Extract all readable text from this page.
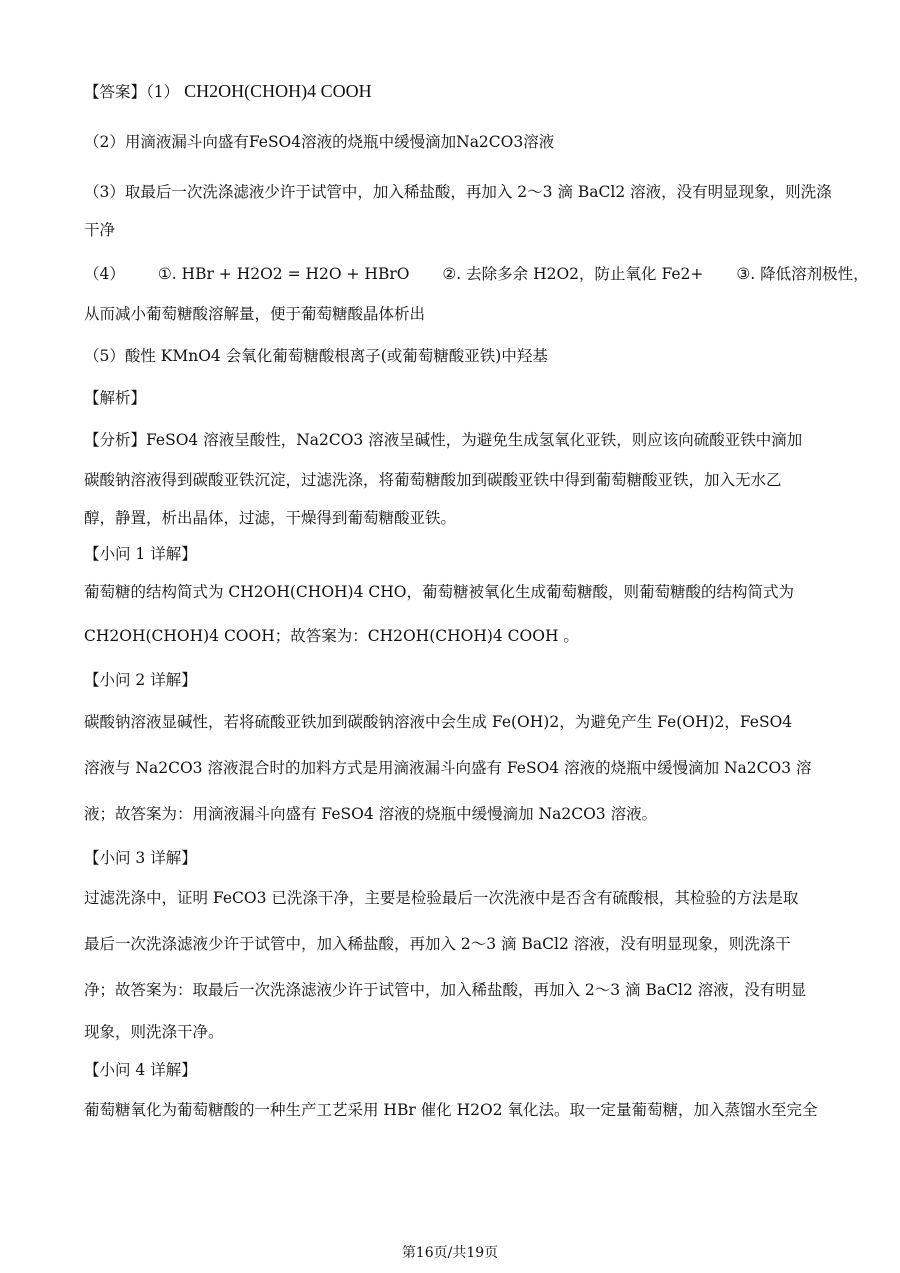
【答案】（1） CH2OH(CHOH)4 COOH
（2）用滴液漏斗向盛有FeSO4溶液的烧瓶中缓慢滴加Na2CO3溶液
（3）取最后一次洗涤滤液少许于试管中，加入稀盐酸，再加入 2～3 滴 BaCl2 溶液，没有明显现象，则洗涤
干净
（4） ①. HBr + H2O2 = H2O + HBrO ②. 去除多余 H2O2，防止氧化 Fe2+ ③. 降低溶剂极性，
从而减小葡萄糖酸溶解量，便于葡萄糖酸晶体析出
（5）酸性 KMnO4 会氧化葡萄糖酸根离子(或葡萄糖酸亚铁)中羟基
【解析】
【分析】FeSO4 溶液呈酸性，Na2CO3 溶液呈碱性，为避免生成氢氧化亚铁，则应该向硫酸亚铁中滴加
碳酸钠溶液得到碳酸亚铁沉淀，过滤洗涤，将葡萄糖酸加到碳酸亚铁中得到葡萄糖酸亚铁，加入无水乙
醇，静置，析出晶体，过滤，干燥得到葡萄糖酸亚铁。
【小问 1 详解】
葡萄糖的结构简式为 CH2OH(CHOH)4 CHO，葡萄糖被氧化生成葡萄糖酸，则葡萄糖酸的结构简式为
CH2OH(CHOH)4 COOH；故答案为：CH2OH(CHOH)4 COOH 。
【小问 2 详解】
碳酸钠溶液显碱性，若将硫酸亚铁加到碳酸钠溶液中会生成 Fe(OH)2，为避免产生 Fe(OH)2，FeSO4
溶液与 Na2CO3 溶液混合时的加料方式是用滴液漏斗向盛有 FeSO4 溶液的烧瓶中缓慢滴加 Na2CO3 溶
液；故答案为：用滴液漏斗向盛有 FeSO4 溶液的烧瓶中缓慢滴加 Na2CO3 溶液。
【小问 3 详解】
过滤洗涤中，证明 FeCO3 已洗涤干净，主要是检验最后一次洗液中是否含有硫酸根，其检验的方法是取
最后一次洗涤滤液少许于试管中，加入稀盐酸，再加入 2～3 滴 BaCl2 溶液，没有明显现象，则洗涤干
净；故答案为：取最后一次洗涤滤液少许于试管中，加入稀盐酸，再加入 2～3 滴 BaCl2 溶液，没有明显
现象，则洗涤干净。
【小问 4 详解】
葡萄糖氧化为葡萄糖酸的一种生产工艺采用 HBr 催化 H2O2 氧化法。取一定量葡萄糖，加入蒸馏水至完全
第16页/共19页
